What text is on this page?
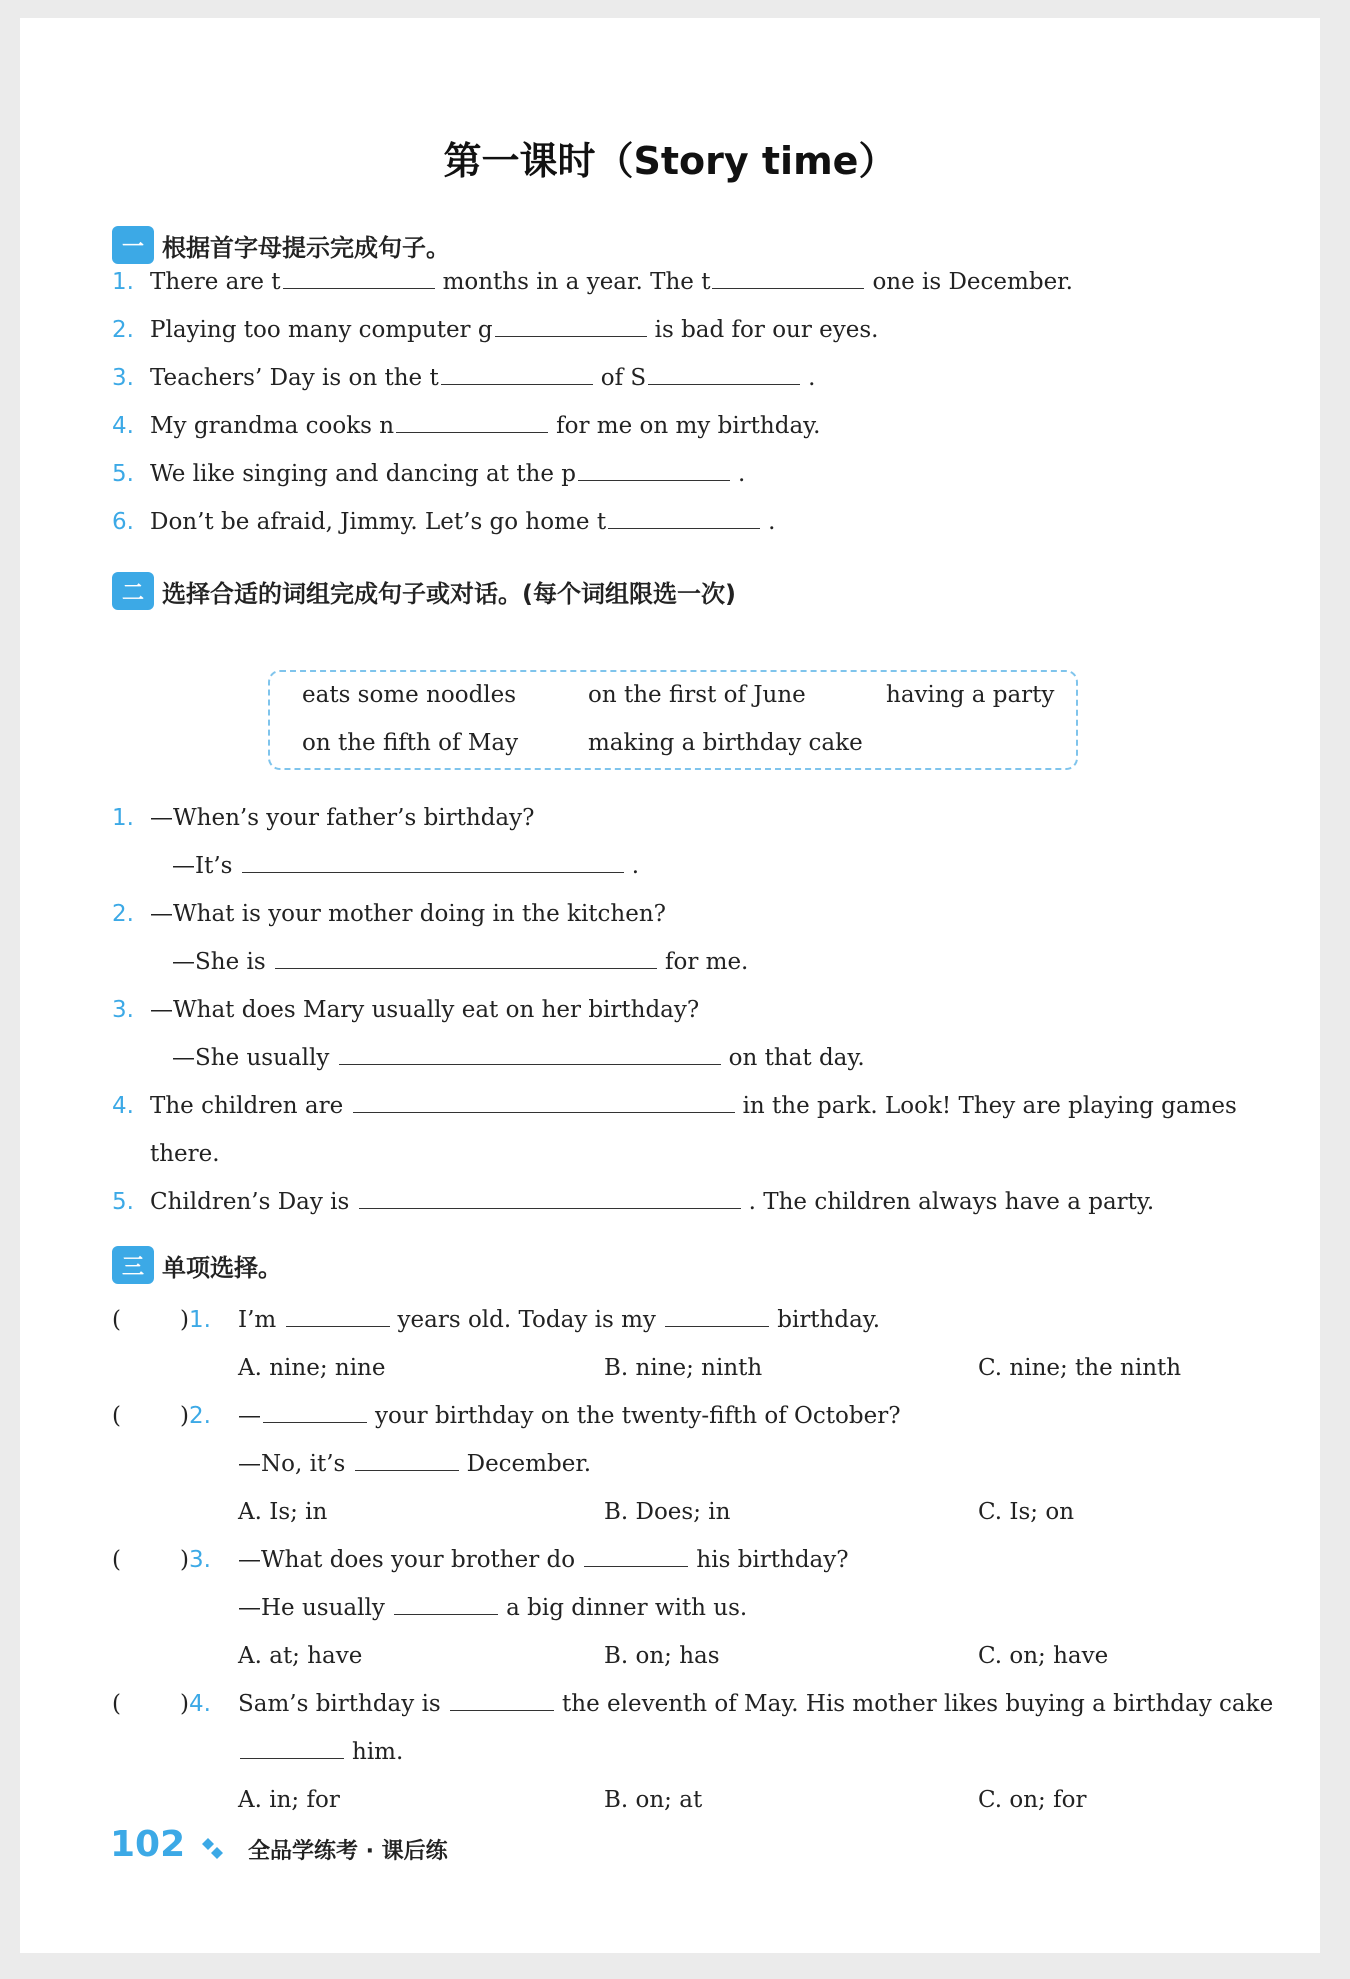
第一课时（Story time）
一 根据首字母提示完成句子。
1. There are t	months in a year. The t	one is December.
2. Playing too many computer g	is bad for our eyes.
3. Teachers’ Day is on the t	of S	.
4. My grandma cooks n	for me on my birthday.
5. We like singing and dancing at the p	.
6. Don’t be afraid, Jimmy. Let’s go home t	.
二 选择合适的词组完成句子或对话。(每个词组限选一次)
eats some noodles	on the first of June	having a party
on the fifth of May	making a birthday cake
1. —When’s your father’s birthday?
—It’s	.
2. —What is your mother doing in the kitchen?
—She is	for me.
3. —What does Mary usually eat on her birthday?
—She usually	on that day.
4. The children are	in the park. Look! They are playing games
there.
5. Children’s Day is	. The children always have a party.
三 单项选择。
(	)1. I’m	years old. Today is my	birthday.
A. nine; nine	B. nine; ninth	C. nine; the ninth
(	)2. —	your birthday on the twenty-fifth of October?
—No, it’s	December.
A. Is; in	B. Does; in	C. Is; on
(	)3. —What does your brother do	his birthday?
—He usually	a big dinner with us.
A. at; have	B. on; has	C. on; have
(	)4. Sam’s birthday is	the eleventh of May. His mother likes buying a birthday cake
him.
A. in; for	B. on; at	C. on; for
102	全品学练考 · 课后练
